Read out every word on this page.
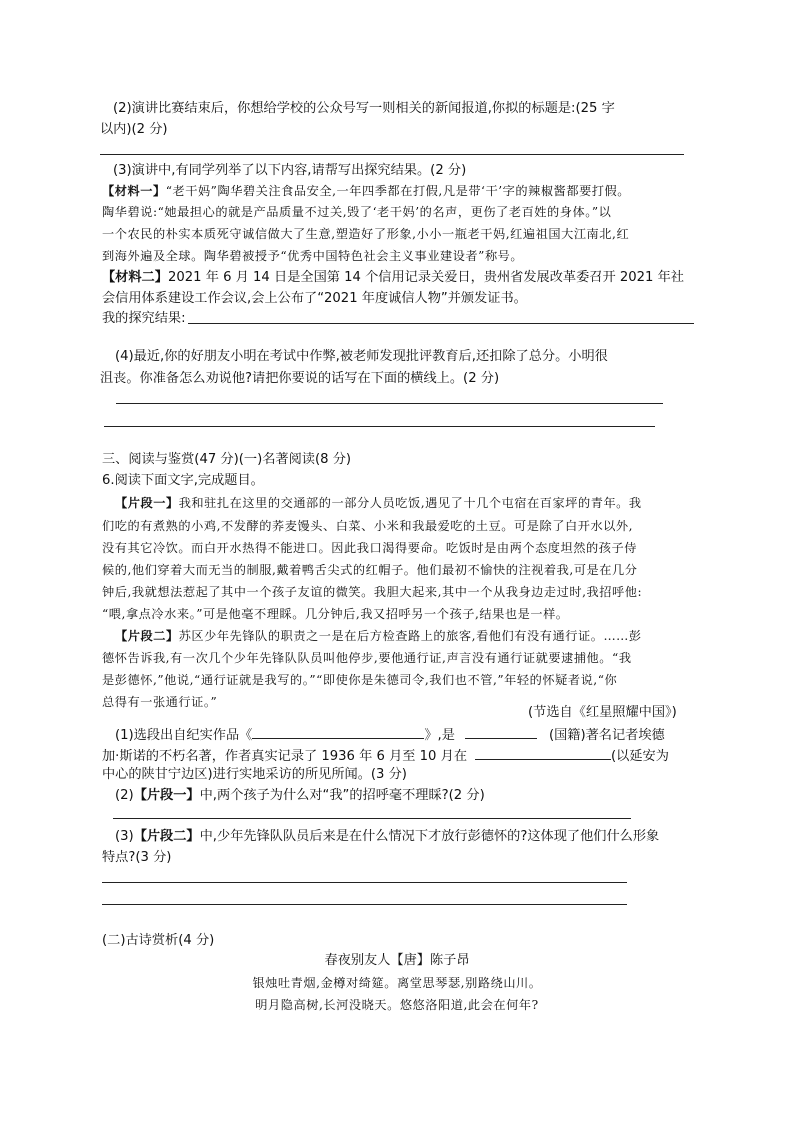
(2)演讲比赛结束后，你想给学校的公众号写一则相关的新闻报道,你拟的标题是:(25 字
以内)(2 分)
(3)演讲中,有同学列举了以下内容,请帮写出探究结果。(2 分)
【材料一】“老干妈”陶华碧关注食品安全,一年四季都在打假,凡是带‘干’字的辣椒酱都要打假。
陶华碧说:“她最担心的就是产品质量不过关,毁了‘老干妈’的名声，更伤了老百姓的身体。”以
一个农民的朴实本质死守诚信做大了生意,塑造好了形象,小小一瓶老干妈,红遍祖国大江南北,红
到海外遍及全球。陶华碧被授予“优秀中国特色社会主义事业建设者”称号。
【材料二】2021 年 6 月 14 日是全国第 14 个信用记录关爱日，贵州省发展改革委召开 2021 年社
会信用体系建设工作会议,会上公布了“2021 年度诚信人物”并颁发证书。
我的探究结果:
(4)最近,你的好朋友小明在考试中作弊,被老师发现批评教育后,还扣除了总分。小明很
沮丧。你准备怎么劝说他?请把你要说的话写在下面的横线上。(2 分)
三、阅读与鉴赏(47 分)(一)名著阅读(8 分)
6.阅读下面文字,完成题目。
【片段一】我和驻扎在这里的交通部的一部分人员吃饭,遇见了十几个屯宿在百家坪的青年。我
们吃的有煮熟的小鸡,不发酵的荞麦馒头、白菜、小米和我最爱吃的土豆。可是除了白开水以外,
没有其它冷饮。而白开水热得不能进口。因此我口渴得要命。吃饭时是由两个态度坦然的孩子侍
候的,他们穿着大而无当的制服,戴着鸭舌尖式的红帽子。他们最初不愉快的注视着我,可是在几分
钟后,我就想法惹起了其中一个孩子友谊的微笑。我胆大起来,其中一个从我身边走过时,我招呼他:
“喂,拿点冷水来。”可是他毫不理睬。几分钟后,我又招呼另一个孩子,结果也是一样。
【片段二】苏区少年先锋队的职责之一是在后方检查路上的旅客,看他们有没有通行证。……彭
德怀告诉我,有一次几个少年先锋队队员叫他停步,要他通行证,声言没有通行证就要逮捕他。“我
是彭德怀,”他说,“通行证就是我写的。”“即使你是朱德司令,我们也不管,”年轻的怀疑者说,“你
总得有一张通行证。”
(节选自《红星照耀中国》)
(1)选段出自纪实作品《	》,是	(国籍)著名记者埃德
加·斯诺的不朽名著，作者真实记录了 1936 年 6 月至 10 月在	(以延安为
中心的陕甘宁边区)进行实地采访的所见所闻。(3 分)
(2)【片段一】中,两个孩子为什么对“我”的招呼毫不理睬?(2 分)
(3)【片段二】中,少年先锋队队员后来是在什么情况下才放行彭德怀的?这体现了他们什么形象
特点?(3 分)
(二)古诗赏析(4 分)
春夜别友人【唐】陈子昂
银烛吐青烟,金樽对绮筵。离堂思琴瑟,别路绕山川。
明月隐高树,长河没晓天。悠悠洛阳道,此会在何年?
